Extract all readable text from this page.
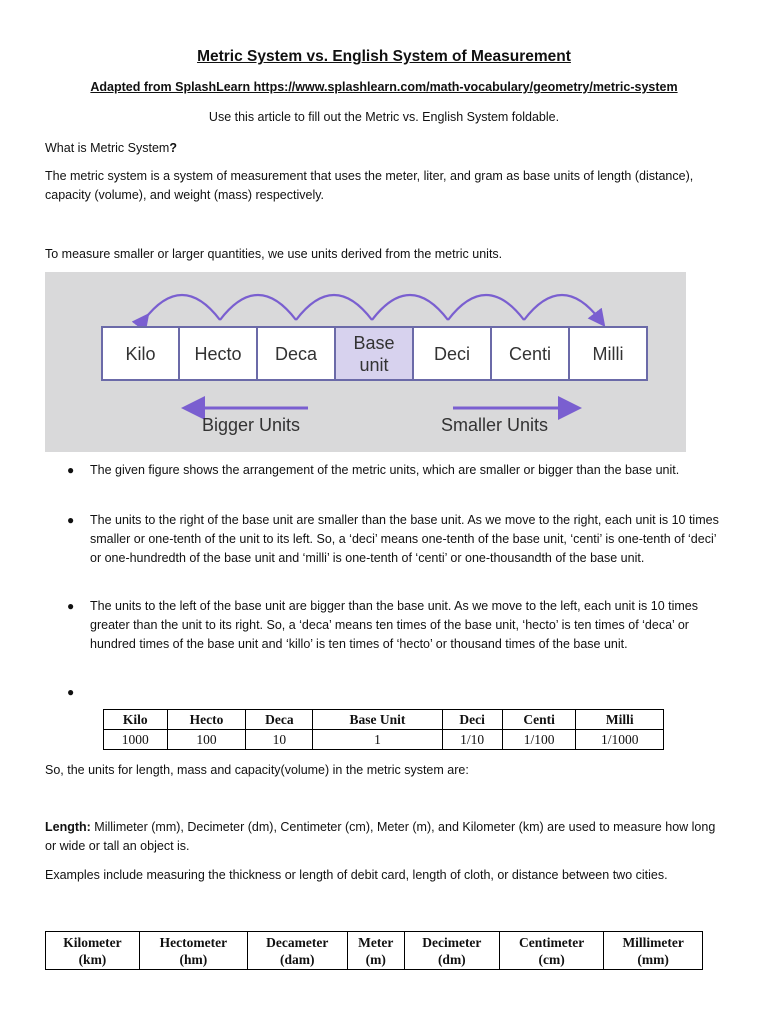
Metric System vs. English System of Measurement
Adapted from SplashLearn https://www.splashlearn.com/math-vocabulary/geometry/metric-system
Use this article to fill out the Metric vs. English System foldable.
What is Metric System?
The metric system is a system of measurement that uses the meter, liter, and gram as base units of length (distance), capacity (volume), and weight (mass) respectively.
To measure smaller or larger quantities, we use units derived from the metric units.
Kilo	Hecto	Deca
Base unit
Deci	Centi	Milli
Bigger Units	Smaller Units
● The given figure shows the arrangement of the metric units, which are smaller or bigger than the base unit.
● The units to the right of the base unit are smaller than the base unit. As we move to the right, each unit is 10 times smaller or one-tenth of the unit to its left. So, a ‘deci’ means one-tenth of the base unit, ‘centi’ is one-tenth of ‘deci’ or one-hundredth of the base unit and ‘milli’ is one-tenth of ‘centi’ or one-thousandth of the base unit.
● The units to the left of the base unit are bigger than the base unit. As we move to the left, each unit is 10 times greater than the unit to its right. So, a ‘deca’ means ten times of the base unit, ‘hecto’ is ten times of ‘deca’ or hundred times of the base unit and ‘killo’ is ten times of ‘hecto’ or thousand times of the base unit.
●
Kilo	Hecto	Deca	Base Unit	Deci	Centi	Milli
1000	100	10	1	1/10	1/100	1/1000
So, the units for length, mass and capacity(volume) in the metric system are:
Length: Millimeter (mm), Decimeter (dm), Centimeter (cm), Meter (m), and Kilometer (km) are used to measure how long or wide or tall an object is.
Examples include measuring the thickness or length of debit card, length of cloth, or distance between two cities.
Kilometer
(km)	Hectometer
(hm)	Decameter
(dam)	Meter
(m)	Decimeter
(dm)	Centimeter
(cm)	Millimeter
(mm)
